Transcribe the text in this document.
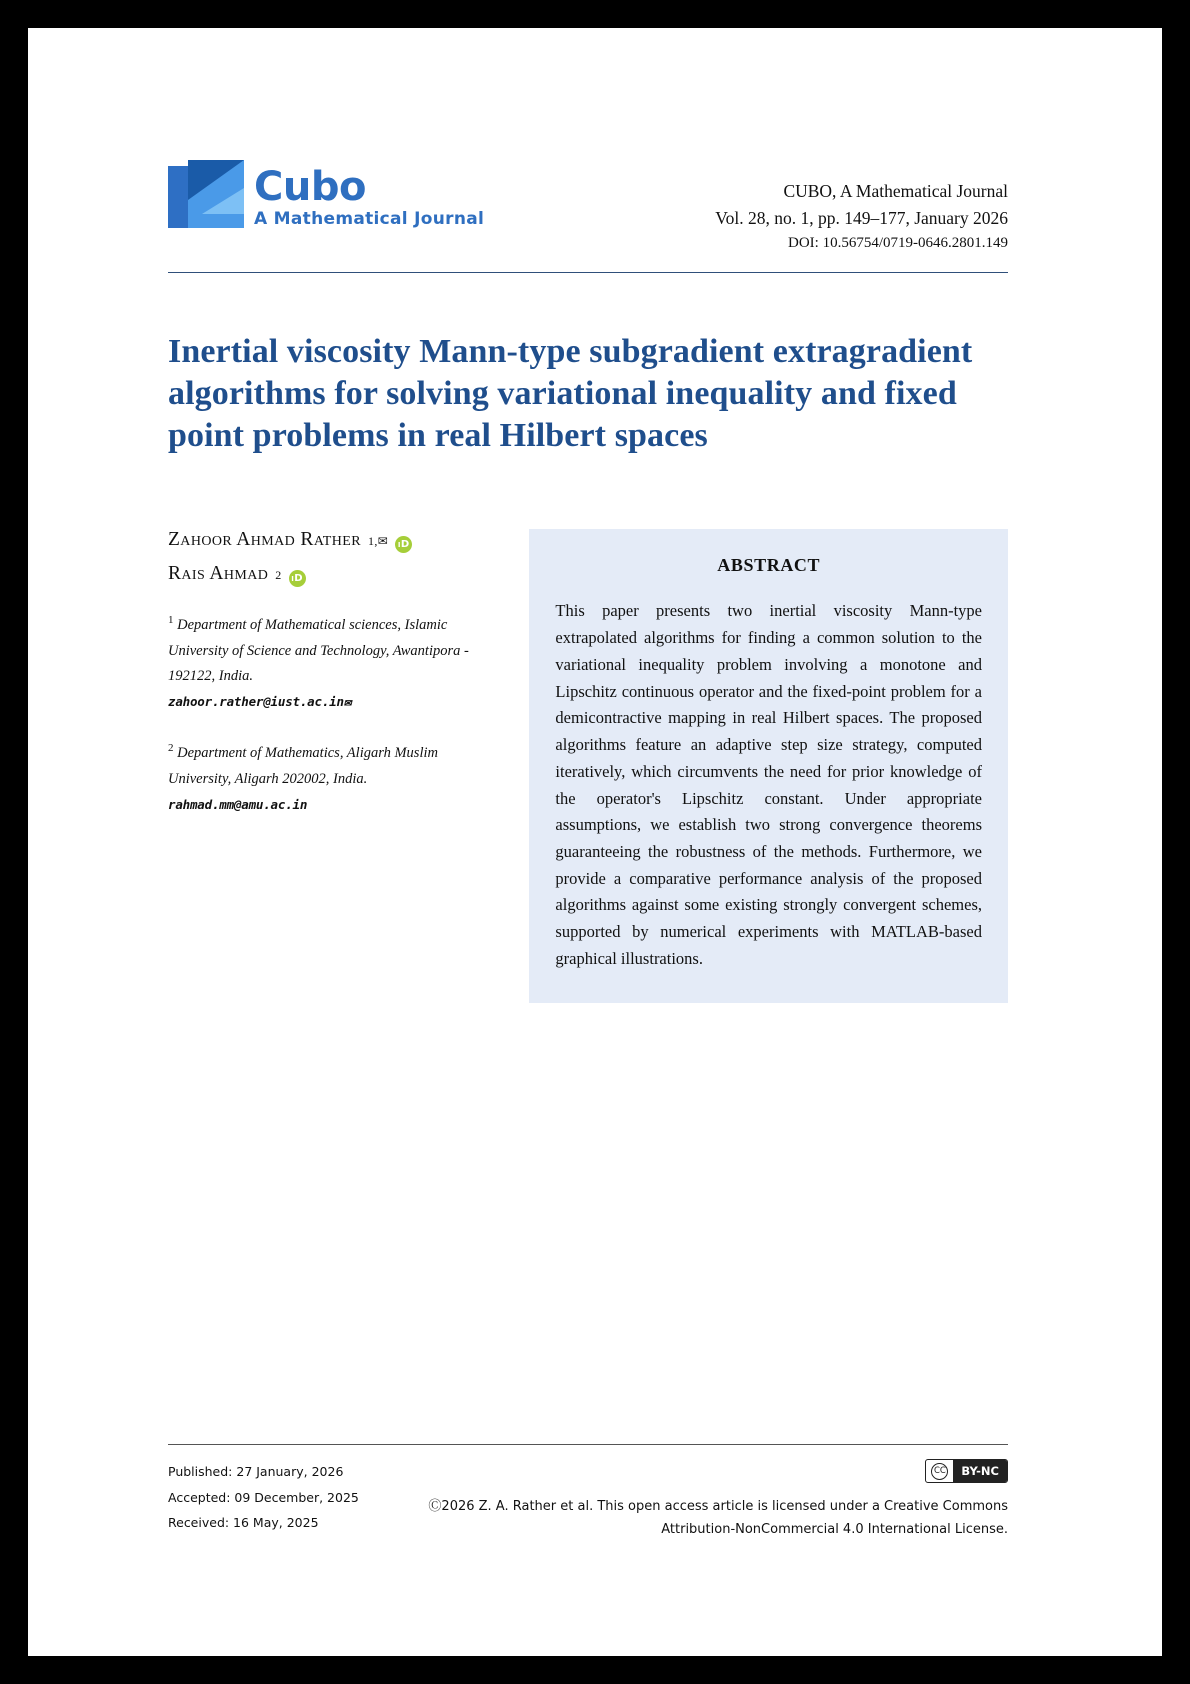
Cubo
A Mathematical Journal
CUBO, A Mathematical Journal
Vol. 28, no. 1, pp. 149–177, January 2026
DOI: 10.56754/0719-0646.2801.149
Inertial viscosity Mann-type subgradient extragradient algorithms for solving variational inequality and fixed point problems in real Hilbert spaces
Zahoor Ahmad Rather 1,✉ iD
Rais Ahmad 2 iD
$^1$ Department of Mathematical sciences, Islamic University of Science and Technology, Awantipora - 192122, India.
zahoor.rather@iust.ac.in✉
$^2$ Department of Mathematics, Aligarh Muslim University, Aligarh 202002, India.
rahmad.mm@amu.ac.in
ABSTRACT
This paper presents two inertial viscosity Mann-type extrapolated algorithms for finding a common solution to the variational inequality problem involving a monotone and Lipschitz continuous operator and the fixed-point problem for a demicontractive mapping in real Hilbert spaces. The proposed algorithms feature an adaptive step size strategy, computed iteratively, which circumvents the need for prior knowledge of the operator's Lipschitz constant. Under appropriate assumptions, we establish two strong convergence theorems guaranteeing the robustness of the methods. Furthermore, we provide a comparative performance analysis of the proposed algorithms against some existing strongly convergent schemes, supported by numerical experiments with MATLAB-based graphical illustrations.
Published: 27 January, 2026
Accepted: 09 December, 2025
Received: 16 May, 2025
CC	BY-NC
Ⓒ2026 Z. A. Rather et al. This open access article is licensed under a Creative Commons
Attribution-NonCommercial 4.0 International License.
